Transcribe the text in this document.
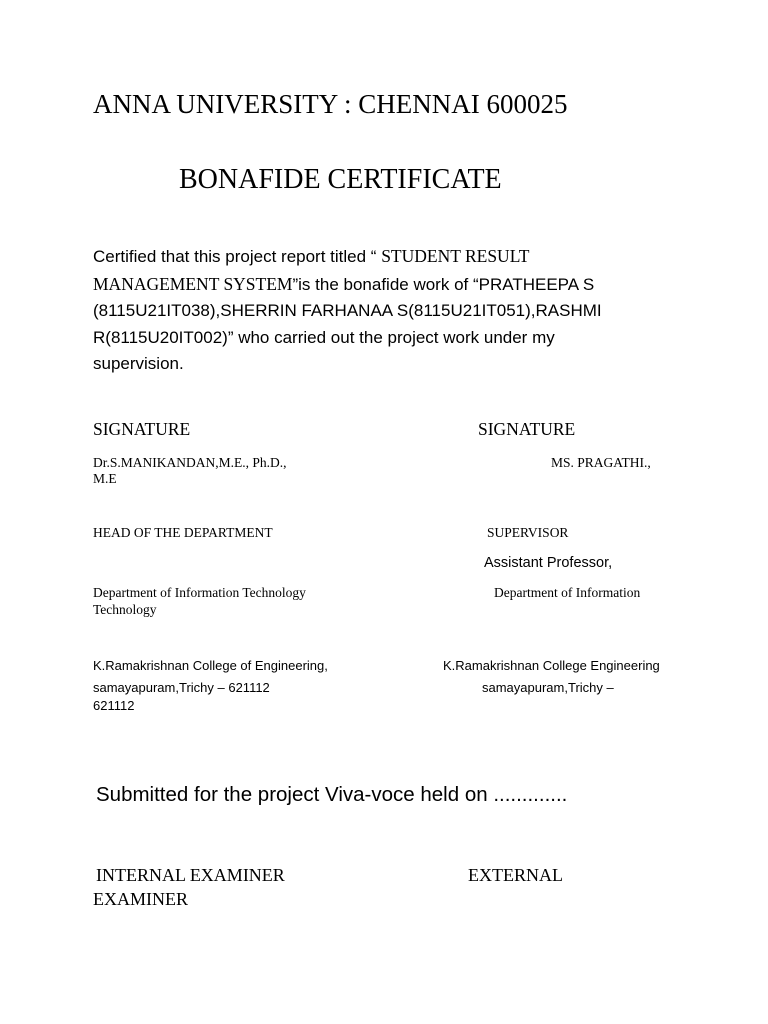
ANNA UNIVERSITY : CHENNAI 600025
BONAFIDE CERTIFICATE
Certified that this project report titled “ STUDENT RESULT
MANAGEMENT SYSTEM”is the bonafide work of “PRATHEEPA S
(8115U21IT038),SHERRIN FARHANAA S(8115U21IT051),RASHMI
R(8115U20IT002)” who carried out the project work under my
supervision.
SIGNATURE
Dr.S.MANIKANDAN,M.E., Ph.D.,
M.E
HEAD OF THE DEPARTMENT
Department of Information Technology
Technology
K.Ramakrishnan College of Engineering,
samayapuram,Trichy – 621112
621112
SIGNATURE
MS. PRAGATHI.,
SUPERVISOR
Assistant Professor,
Department of Information
K.Ramakrishnan College Engineering
samayapuram,Trichy –
Submitted for the project Viva-voce held on .............
INTERNAL EXAMINER	EXTERNAL
EXAMINER
